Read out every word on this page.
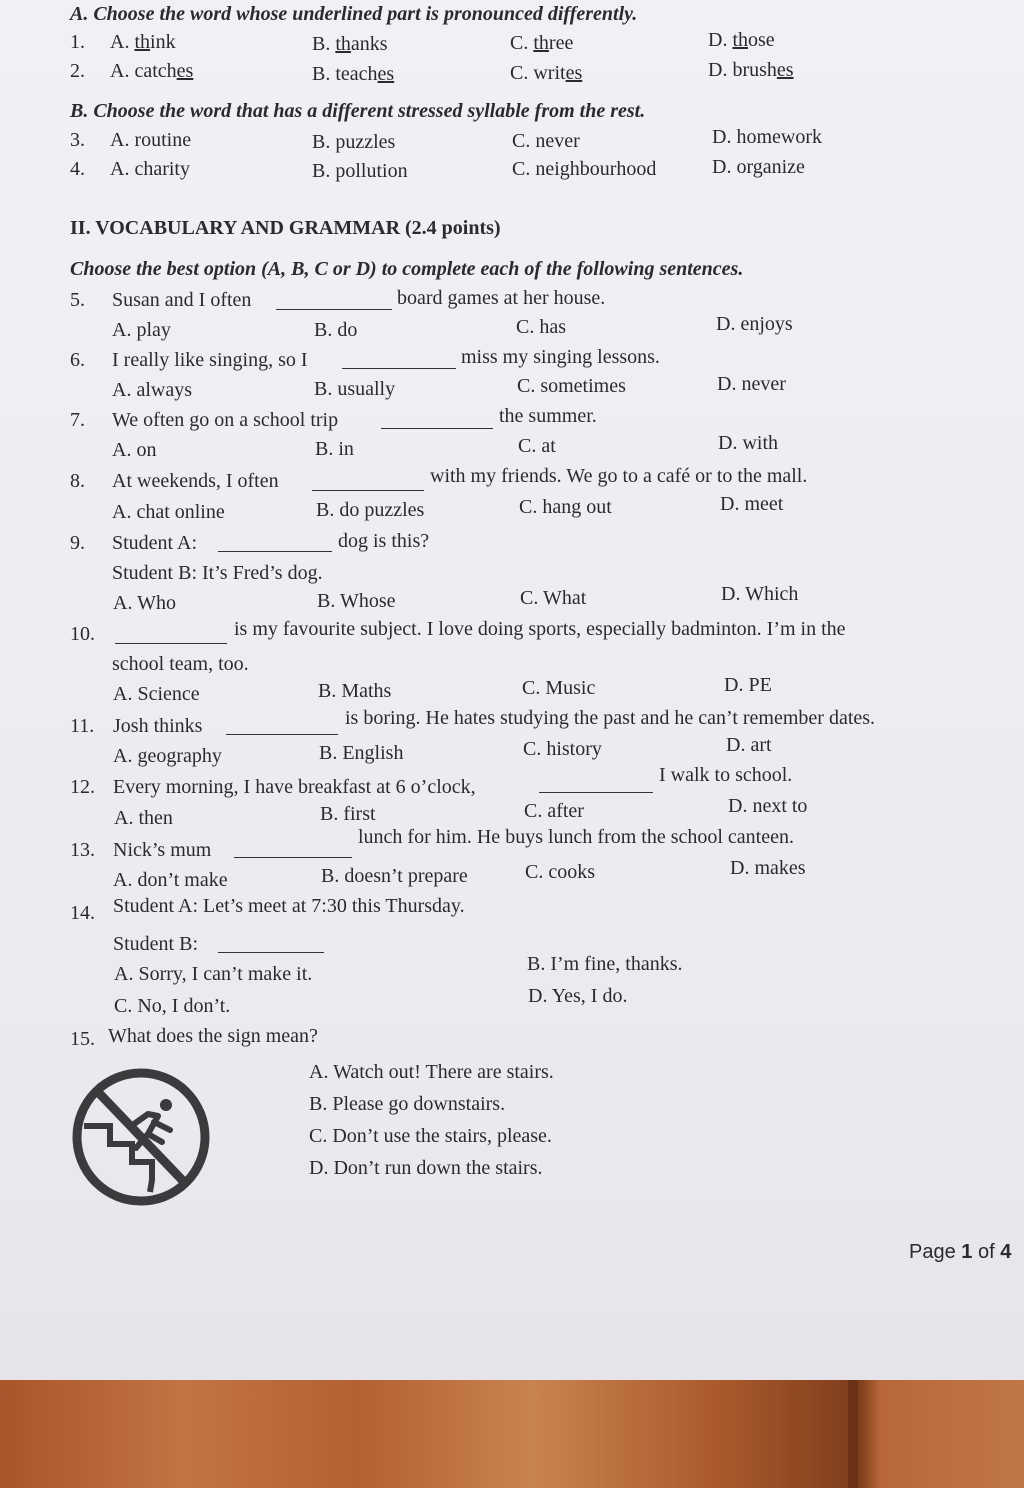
A. Choose the word whose underlined part is pronounced differently.
1. A. think	B. thanks	C. three	D. those
2. A. catches	B. teaches	C. writes	D. brushes
B. Choose the word that has a different stressed syllable from the rest.
3. A. routine	B. puzzles	C. never	D. homework
4. A. charity	B. pollution	C. neighbourhood	D. organize
II. VOCABULARY AND GRAMMAR (2.4 points)
Choose the best option (A, B, C or D) to complete each of the following sentences.
5. Susan and I often	board games at her house.
A. play	B. do	C. has	D. enjoys
6. I really like singing, so I	miss my singing lessons.
A. always	B. usually	C. sometimes	D. never
7. We often go on a school trip	the summer.
A. on	B. in	C. at	D. with
8. At weekends, I often	with my friends. We go to a café or to the mall.
A. chat online	B. do puzzles	C. hang out	D. meet
9. Student A:	dog is this?
Student B: It’s Fred’s dog.
A. Who	B. Whose	C. What	D. Which
10.	is my favourite subject. I love doing sports, especially badminton. I’m in the
school team, too.
A. Science	B. Maths	C. Music	D. PE
11. Josh thinks	is boring. He hates studying the past and he can’t remember dates.
A. geography	B. English	C. history	D. art
12. Every morning, I have breakfast at 6 o’clock,
I walk to school.
A. then	B. first	C. after	D. next to
13. Nick’s mum
lunch for him. He buys lunch from the school canteen.
A. don’t make	B. doesn’t prepare	C. cooks	D. makes
14. Student A: Let’s meet at 7:30 this Thursday.
Student B:
A. Sorry, I can’t make it.	B. I’m fine, thanks.
C. No, I don’t.	D. Yes, I do.
15. What does the sign mean?
A. Watch out! There are stairs.
B. Please go downstairs.
C. Don’t use the stairs, please.
D. Don’t run down the stairs.
Page 1 of 4
